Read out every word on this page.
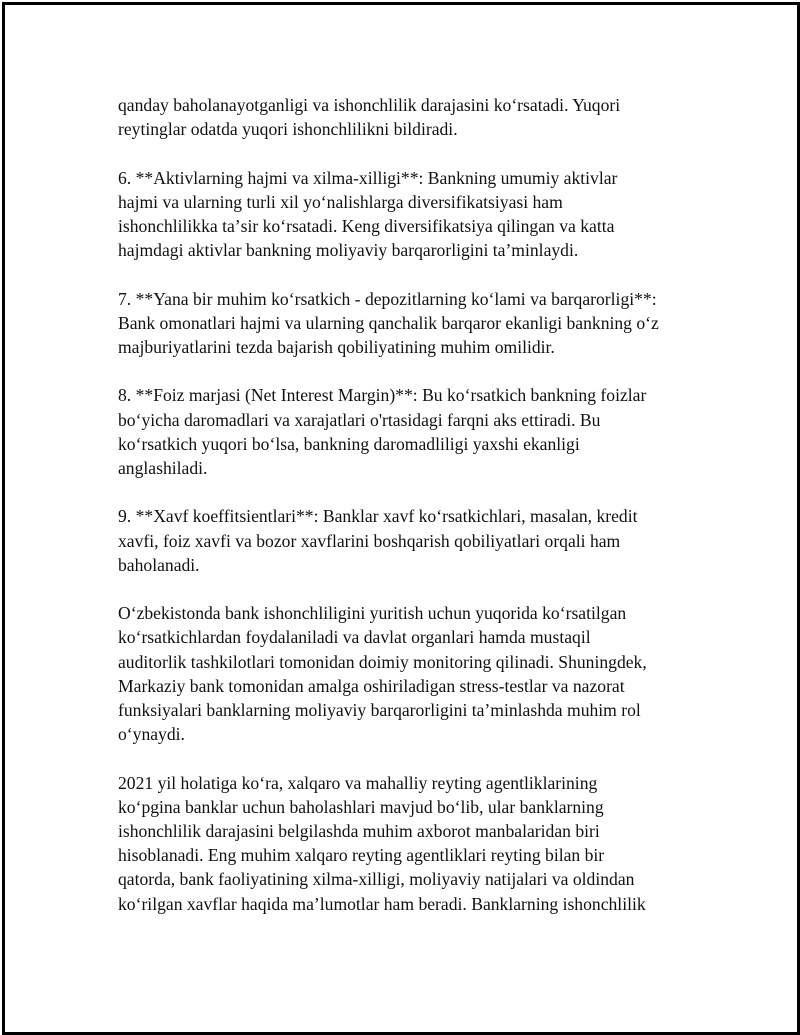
qanday baholanayotganligi va ishonchlilik darajasini koʻrsatadi. Yuqori
reytinglar odatda yuqori ishonchlilikni bildiradi.

6. **Aktivlarning hajmi va xilma-xilligi**: Bankning umumiy aktivlar
hajmi va ularning turli xil yoʻnalishlarga diversifikatsiyasi ham
ishonchlilikka taʼsir koʻrsatadi. Keng diversifikatsiya qilingan va katta
hajmdagi aktivlar bankning moliyaviy barqarorligini taʼminlaydi.

7. **Yana bir muhim koʻrsatkich - depozitlarning koʻlami va barqarorligi**:
Bank omonatlari hajmi va ularning qanchalik barqaror ekanligi bankning oʻz
majburiyatlarini tezda bajarish qobiliyatining muhim omilidir.

8. **Foiz marjasi (Net Interest Margin)**: Bu koʻrsatkich bankning foizlar
boʻyicha daromadlari va xarajatlari o'rtasidagi farqni aks ettiradi. Bu
koʻrsatkich yuqori boʻlsa, bankning daromadliligi yaxshi ekanligi
anglashiladi.

9. **Xavf koeffitsientlari**: Banklar xavf koʻrsatkichlari, masalan, kredit
xavfi, foiz xavfi va bozor xavflarini boshqarish qobiliyatlari orqali ham
baholanadi.

Oʻzbekistonda bank ishonchliligini yuritish uchun yuqorida koʻrsatilgan
koʻrsatkichlardan foydalaniladi va davlat organlari hamda mustaqil
auditorlik tashkilotlari tomonidan doimiy monitoring qilinadi. Shuningdek,
Markaziy bank tomonidan amalga oshiriladigan stress-testlar va nazorat
funksiyalari banklarning moliyaviy barqarorligini taʼminlashda muhim rol
oʻynaydi.

2021 yil holatiga koʻra, xalqaro va mahalliy reyting agentliklarining
koʻpgina banklar uchun baholashlari mavjud boʻlib, ular banklarning
ishonchlilik darajasini belgilashda muhim axborot manbalaridan biri
hisoblanadi. Eng muhim xalqaro reyting agentliklari reyting bilan bir
qatorda, bank faoliyatining xilma-xilligi, moliyaviy natijalari va oldindan
koʻrilgan xavflar haqida maʼlumotlar ham beradi. Banklarning ishonchlilik
